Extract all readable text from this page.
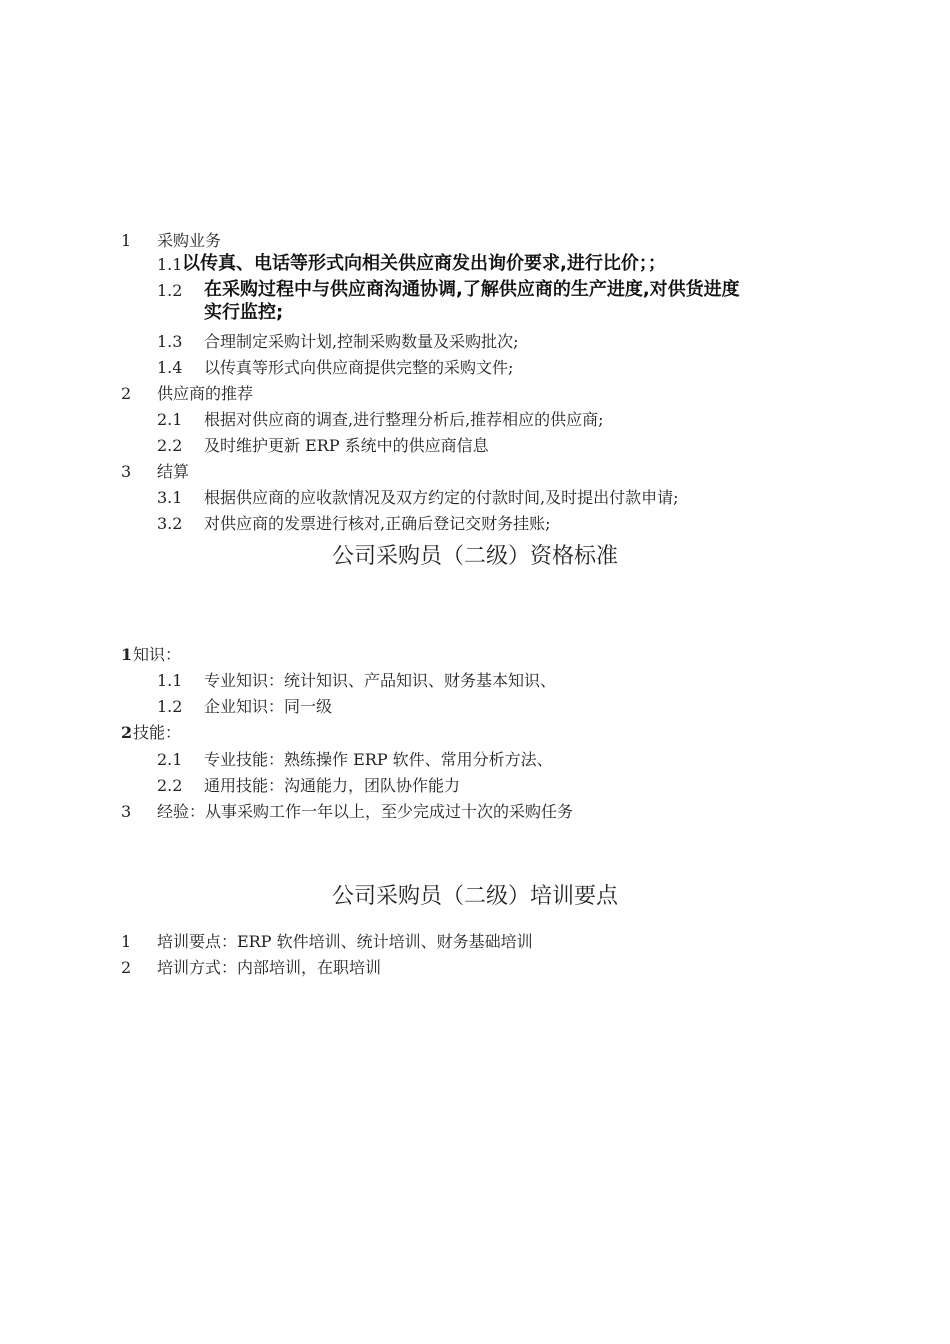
1 采购业务
1.1 以传真、电话等形式向相关供应商发出询价要求,进行比价；；
1.2 在采购过程中与供应商沟通协调,了解供应商的生产进度,对供货进度
实行监控;
1.3 合理制定采购计划,控制采购数量及采购批次;
1.4 以传真等形式向供应商提供完整的采购文件;
2 供应商的推荐
2.1 根据对供应商的调查,进行整理分析后,推荐相应的供应商;
2.2 及时维护更新 ERP 系统中的供应商信息
3 结算
3.1 根据供应商的应收款情况及双方约定的付款时间,及时提出付款申请;
3.2 对供应商的发票进行核对,正确后登记交财务挂账;
公司采购员（二级）资格标准
1 知识：
1.1 专业知识：统计知识、产品知识、财务基本知识、
1.2 企业知识：同一级
2 技能：
2.1 专业技能：熟练操作 ERP 软件、常用分析方法、
2.2 通用技能：沟通能力，团队协作能力
3 经验：从事采购工作一年以上，至少完成过十次的采购任务
公司采购员（二级）培训要点
1 培训要点：ERP 软件培训、统计培训、财务基础培训
2 培训方式：内部培训，在职培训
